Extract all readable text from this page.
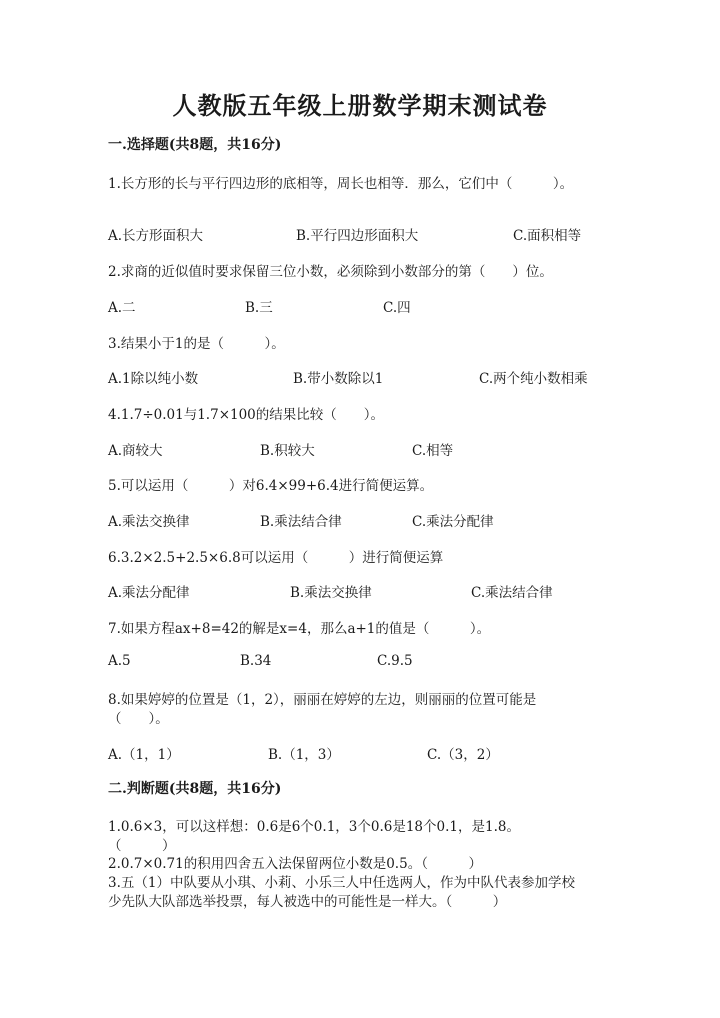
人教版五年级上册数学期末测试卷
一.选择题(共8题，共16分)
1.长方形的长与平行四边形的底相等，周长也相等．那么，它们中（　　　）。
A.长方形面积大	B.平行四边形面积大	C.面积相等
2.求商的近似值时要求保留三位小数，必须除到小数部分的第（　　）位。
A.二	B.三	C.四
3.结果小于1的是（　　　）。
A.1除以纯小数	B.带小数除以1	C.两个纯小数相乘
4.1.7÷0.01与1.7×100的结果比较（　　）。
A.商较大	B.积较大	C.相等
5.可以运用（　　　）对6.4×99+6.4进行简便运算。
A.乘法交换律	B.乘法结合律	C.乘法分配律
6.3.2×2.5+2.5×6.8可以运用（　　　）进行简便运算
A.乘法分配律	B.乘法交换律	C.乘法结合律
7.如果方程ax+8=42的解是x=4，那么a+1的值是（　　　）。
A.5	B.34	C.9.5
8.如果婷婷的位置是（1，2），丽丽在婷婷的左边，则丽丽的位置可能是
（　　）。
A.（1，1）	B.（1，3）	C.（3，2）
二.判断题(共8题，共16分)
1.0.6×3，可以这样想：0.6是6个0.1，3个0.6是18个0.1，是1.8。
（　　　）
2.0.7×0.71的积用四舍五入法保留两位小数是0.5。（　　　）
3.五（1）中队要从小琪、小莉、小乐三人中任选两人，作为中队代表参加学校
少先队大队部选举投票，每人被选中的可能性是一样大。（　　　）
